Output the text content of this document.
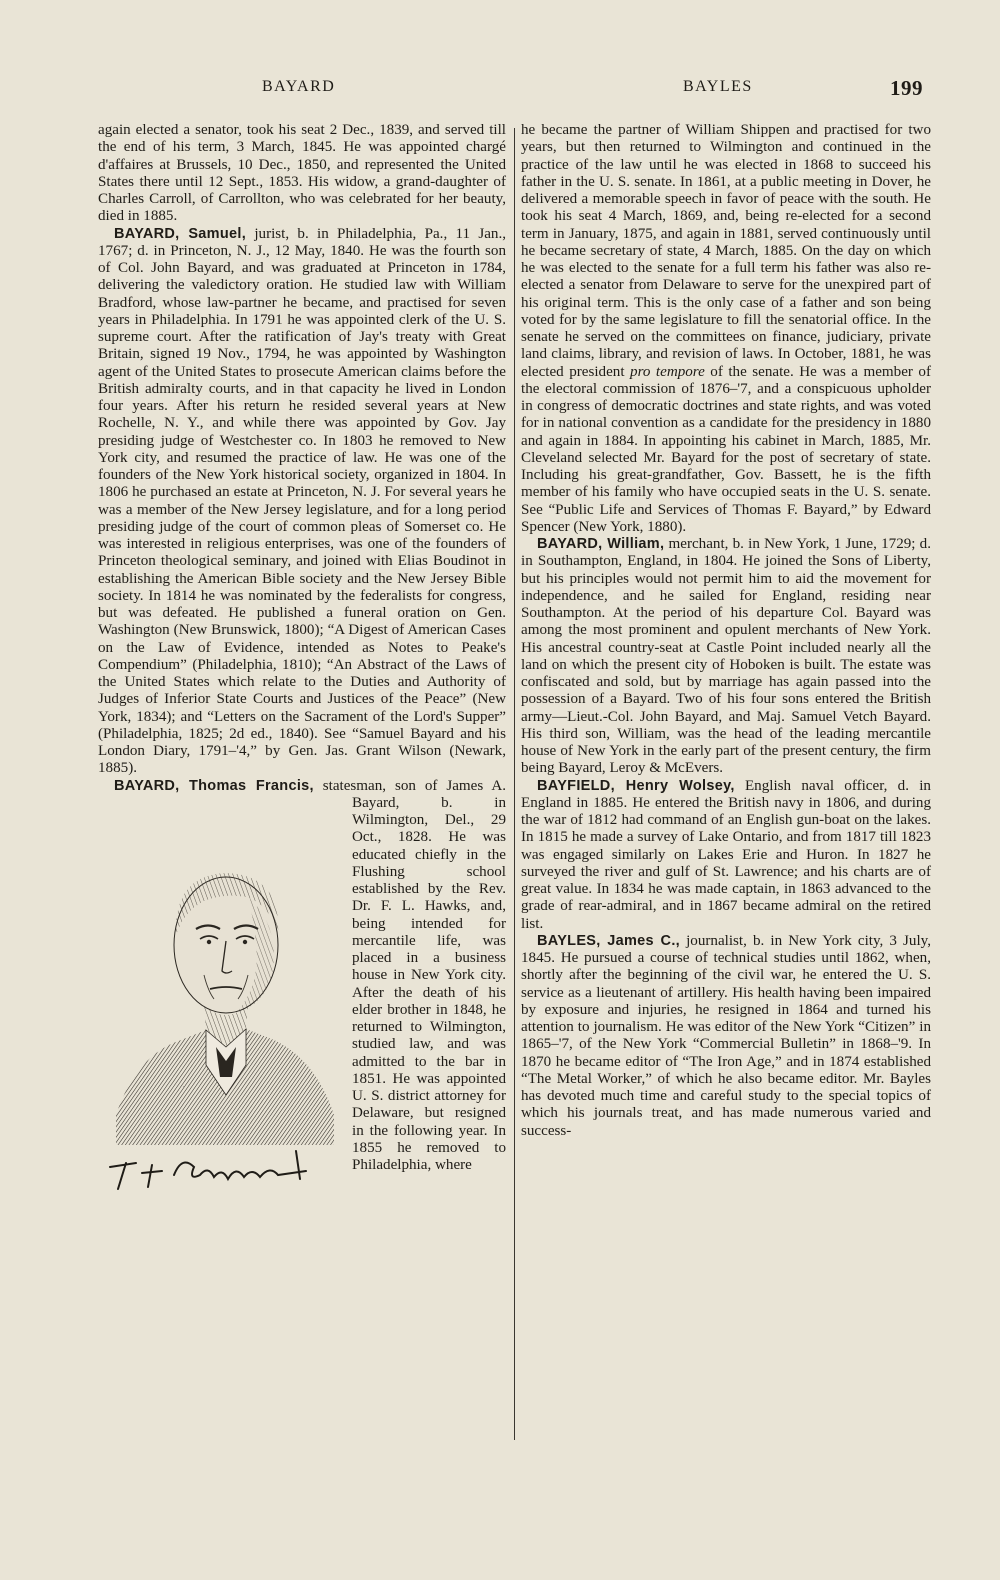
BAYARD	BAYLES	199

again elected a senator, took his seat 2 Dec., 1839, and served till the end of his term, 3 March, 1845. He was appointed chargé d'affaires at Brussels, 10 Dec., 1850, and represented the United States there until 12 Sept., 1853. His widow, a grand-daughter of Charles Carroll, of Carrollton, who was celebrated for her beauty, died in 1885.

BAYARD, Samuel, jurist, b. in Philadelphia, Pa., 11 Jan., 1767; d. in Princeton, N. J., 12 May, 1840. He was the fourth son of Col. John Bayard, and was graduated at Princeton in 1784, delivering the valedictory oration. He studied law with William Bradford, whose law-partner he became, and practised for seven years in Philadelphia. In 1791 he was appointed clerk of the U. S. supreme court. After the ratification of Jay's treaty with Great Britain, signed 19 Nov., 1794, he was appointed by Washington agent of the United States to prosecute American claims before the British admiralty courts, and in that capacity he lived in London four years. After his return he resided several years at New Rochelle, N. Y., and while there was appointed by Gov. Jay presiding judge of Westchester co. In 1803 he removed to New York city, and resumed the practice of law. He was one of the founders of the New York historical society, organized in 1804. In 1806 he purchased an estate at Princeton, N. J. For several years he was a member of the New Jersey legislature, and for a long period presiding judge of the court of common pleas of Somerset co. He was interested in religious enterprises, was one of the founders of Princeton theological seminary, and joined with Elias Boudinot in establishing the American Bible society and the New Jersey Bible society. In 1814 he was nominated by the federalists for congress, but was defeated. He published a funeral oration on Gen. Washington (New Brunswick, 1800); “A Digest of American Cases on the Law of Evidence, intended as Notes to Peake's Compendium” (Philadelphia, 1810); “An Abstract of the Laws of the United States which relate to the Duties and Authority of Judges of Inferior State Courts and Justices of the Peace” (New York, 1834); and “Letters on the Sacrament of the Lord's Supper” (Philadelphia, 1825; 2d ed., 1840). See “Samuel Bayard and his London Diary, 1791–'4,” by Gen. Jas. Grant Wilson (Newark, 1885).

BAYARD, Thomas Francis,
T. F. Bayard
statesman, son of James A. Bayard, b. in Wilmington, Del., 29 Oct., 1828. He was educated chiefly in the Flushing school established by the Rev. Dr. F. L. Hawks, and, being intended for mercantile life, was placed in a business house in New York city. After the death of his elder brother in 1848, he returned to Wilmington, studied law, and was admitted to the bar in 1851. He was appointed U. S. district attorney for Delaware, but resigned in the following year. In 1855 he removed to Philadelphia, where

he became the partner of William Shippen and practised for two years, but then returned to Wilmington and continued in the practice of the law until he was elected in 1868 to succeed his father in the U. S. senate. In 1861, at a public meeting in Dover, he delivered a memorable speech in favor of peace with the south. He took his seat 4 March, 1869, and, being re-elected for a second term in January, 1875, and again in 1881, served continuously until he became secretary of state, 4 March, 1885. On the day on which he was elected to the senate for a full term his father was also re-elected a senator from Delaware to serve for the unexpired part of his original term. This is the only case of a father and son being voted for by the same legislature to fill the senatorial office. In the senate he served on the committees on finance, judiciary, private land claims, library, and revision of laws. In October, 1881, he was elected president pro tempore of the senate. He was a member of the electoral commission of 1876–'7, and a conspicuous upholder in congress of democratic doctrines and state rights, and was voted for in national convention as a candidate for the presidency in 1880 and again in 1884. In appointing his cabinet in March, 1885, Mr. Cleveland selected Mr. Bayard for the post of secretary of state. Including his great-grandfather, Gov. Bassett, he is the fifth member of his family who have occupied seats in the U. S. senate. See “Public Life and Services of Thomas F. Bayard,” by Edward Spencer (New York, 1880).

BAYARD, William, merchant, b. in New York, 1 June, 1729; d. in Southampton, England, in 1804. He joined the Sons of Liberty, but his principles would not permit him to aid the movement for independence, and he sailed for England, residing near Southampton. At the period of his departure Col. Bayard was among the most prominent and opulent merchants of New York. His ancestral country-seat at Castle Point included nearly all the land on which the present city of Hoboken is built. The estate was confiscated and sold, but by marriage has again passed into the possession of a Bayard. Two of his four sons entered the British army—Lieut.-Col. John Bayard, and Maj. Samuel Vetch Bayard. His third son, William, was the head of the leading mercantile house of New York in the early part of the present century, the firm being Bayard, Leroy & McEvers.

BAYFIELD, Henry Wolsey, English naval officer, d. in England in 1885. He entered the British navy in 1806, and during the war of 1812 had command of an English gun-boat on the lakes. In 1815 he made a survey of Lake Ontario, and from 1817 till 1823 was engaged similarly on Lakes Erie and Huron. In 1827 he surveyed the river and gulf of St. Lawrence; and his charts are of great value. In 1834 he was made captain, in 1863 advanced to the grade of rear-admiral, and in 1867 became admiral on the retired list.

BAYLES, James C., journalist, b. in New York city, 3 July, 1845. He pursued a course of technical studies until 1862, when, shortly after the beginning of the civil war, he entered the U. S. service as a lieutenant of artillery. His health having been impaired by exposure and injuries, he resigned in 1864 and turned his attention to journalism. He was editor of the New York “Citizen” in 1865–'7, of the New York “Commercial Bulletin” in 1868–'9. In 1870 he became editor of “The Iron Age,” and in 1874 established “The Metal Worker,” of which he also became editor. Mr. Bayles has devoted much time and careful study to the special topics of which his journals treat, and has made numerous varied and success-
